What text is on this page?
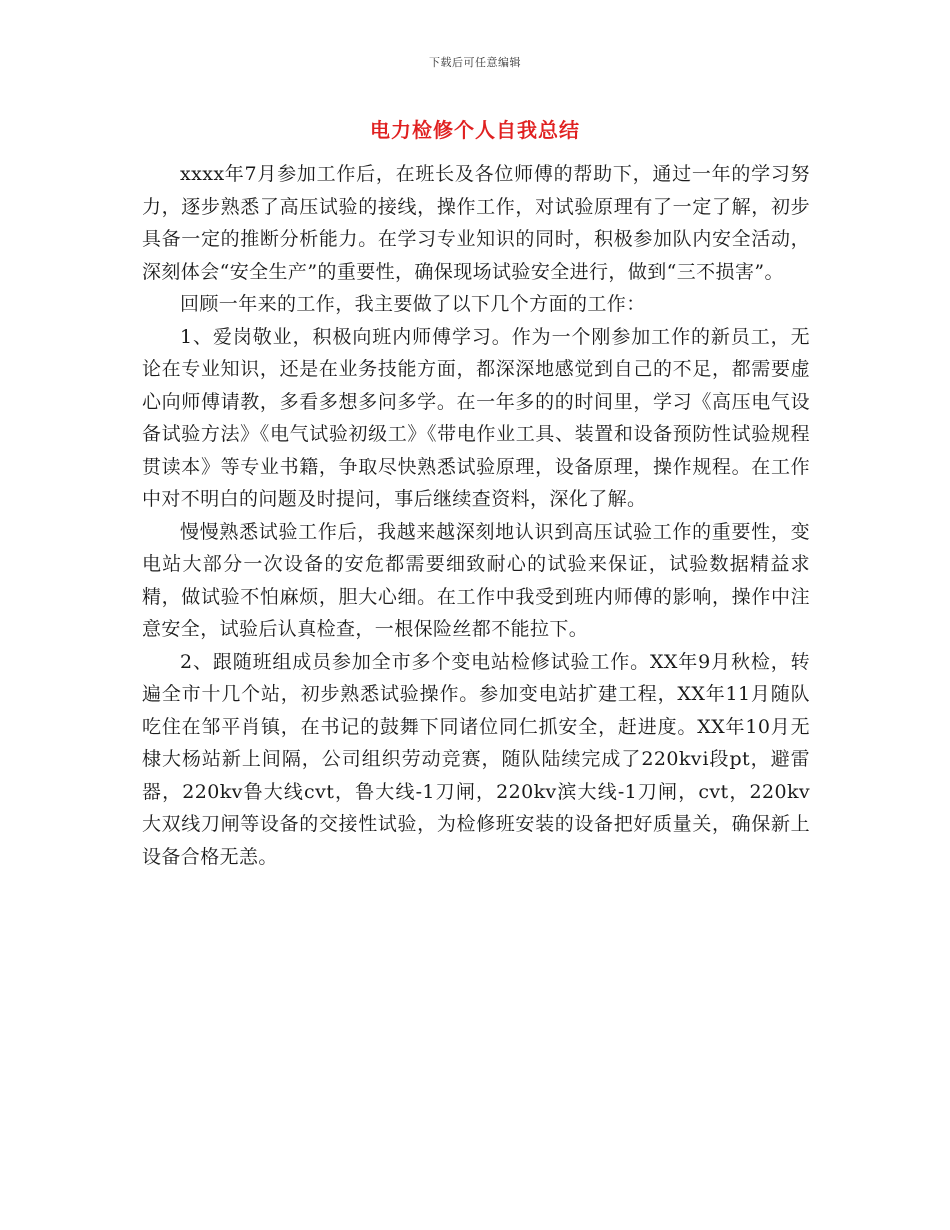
下载后可任意编辑
电力检修个人自我总结

xxxx年7月参加工作后，在班长及各位师傅的帮助下，通过一年的学习努力，逐步熟悉了高压试验的接线，操作工作，对试验原理有了一定了解，初步具备一定的推断分析能力。在学习专业知识的同时，积极参加队内安全活动，深刻体会“安全生产”的重要性，确保现场试验安全进行，做到“三不损害”。

回顾一年来的工作，我主要做了以下几个方面的工作：

1、爱岗敬业，积极向班内师傅学习。作为一个刚参加工作的新员工，无论在专业知识，还是在业务技能方面，都深深地感觉到自己的不足，都需要虚心向师傅请教，多看多想多问多学。在一年多的的时间里，学习《高压电气设备试验方法》《电气试验初级工》《带电作业工具、装置和设备预防性试验规程贯读本》等专业书籍，争取尽快熟悉试验原理，设备原理，操作规程。在工作中对不明白的问题及时提问，事后继续查资料，深化了解。

慢慢熟悉试验工作后，我越来越深刻地认识到高压试验工作的重要性，变电站大部分一次设备的安危都需要细致耐心的试验来保证，试验数据精益求精，做试验不怕麻烦，胆大心细。在工作中我受到班内师傅的影响，操作中注意安全，试验后认真检查，一根保险丝都不能拉下。

2、跟随班组成员参加全市多个变电站检修试验工作。XX年9月秋检，转遍全市十几个站，初步熟悉试验操作。参加变电站扩建工程，XX年11月随队吃住在邹平肖镇，在书记的鼓舞下同诸位同仁抓安全，赶进度。XX年10月无棣大杨站新上间隔，公司组织劳动竞赛，随队陆续完成了220kvⅰ段pt，避雷器，220kv鲁大线cvt，鲁大线-1刀闸，220kv滨大线-1刀闸，cvt，220kv大双线刀闸等设备的交接性试验，为检修班安装的设备把好质量关，确保新上设备合格无恙。
